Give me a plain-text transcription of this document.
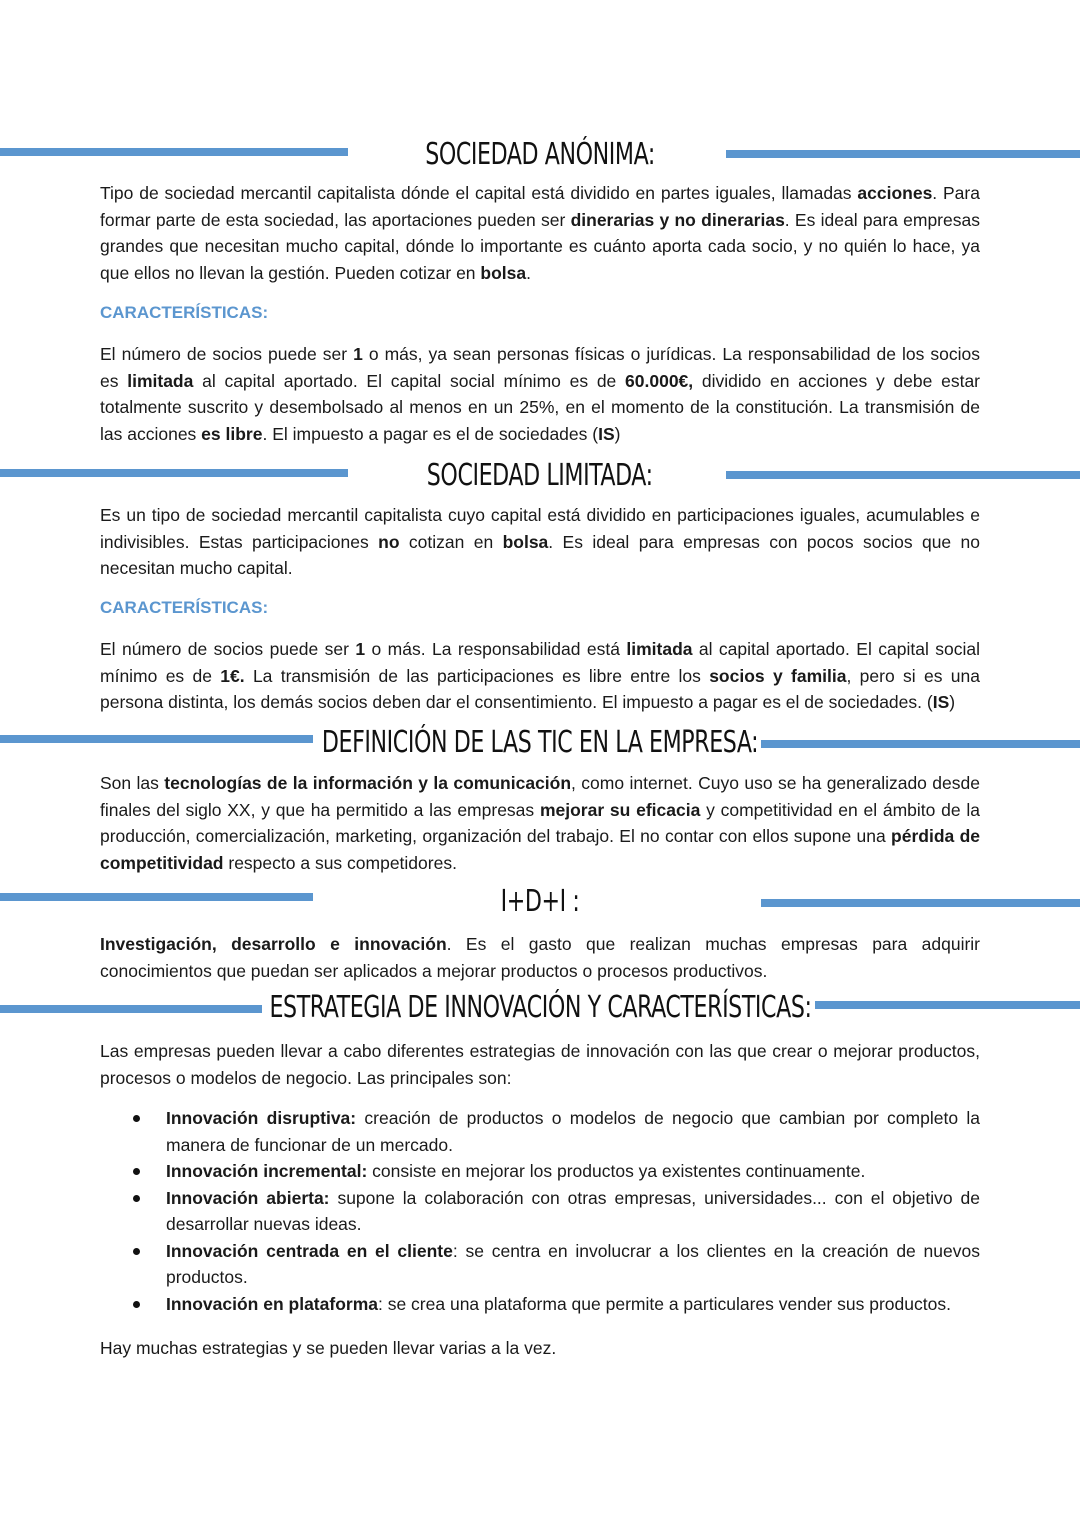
SOCIEDAD ANÓNIMA:

Tipo de sociedad mercantil capitalista dónde el capital está dividido en partes iguales, llamadas acciones. Para formar parte de esta sociedad, las aportaciones pueden ser dinerarias y no dinerarias. Es ideal para empresas grandes que necesitan mucho capital, dónde lo importante es cuánto aporta cada socio, y no quién lo hace, ya que ellos no llevan la gestión. Pueden cotizar en bolsa.

CARACTERÍSTICAS:

El número de socios puede ser 1 o más, ya sean personas físicas o jurídicas. La responsabilidad de los socios es limitada al capital aportado. El capital social mínimo es de 60.000€, dividido en acciones y debe estar totalmente suscrito y desembolsado al menos en un 25%, en el momento de la constitución. La transmisión de las acciones es libre. El impuesto a pagar es el de sociedades (IS)

SOCIEDAD LIMITADA:

Es un tipo de sociedad mercantil capitalista cuyo capital está dividido en participaciones iguales, acumulables e indivisibles. Estas participaciones no cotizan en bolsa. Es ideal para empresas con pocos socios que no necesitan mucho capital.

CARACTERÍSTICAS:

El número de socios puede ser 1 o más. La responsabilidad está limitada al capital aportado. El capital social mínimo es de 1€. La transmisión de las participaciones es libre entre los socios y familia, pero si es una persona distinta, los demás socios deben dar el consentimiento. El impuesto a pagar es el de sociedades. (IS)

DEFINICIÓN DE LAS TIC EN LA EMPRESA:

Son las tecnologías de la información y la comunicación, como internet. Cuyo uso se ha generalizado desde finales del siglo XX, y que ha permitido a las empresas mejorar su eficacia y competitividad en el ámbito de la producción, comercialización, marketing, organización del trabajo. El no contar con ellos supone una pérdida de competitividad respecto a sus competidores.

I+D+I :

Investigación, desarrollo e innovación. Es el gasto que realizan muchas empresas para adquirir conocimientos que puedan ser aplicados a mejorar productos o procesos productivos.

ESTRATEGIA DE INNOVACIÓN Y CARACTERÍSTICAS:

Las empresas pueden llevar a cabo diferentes estrategias de innovación con las que crear o mejorar productos, procesos o modelos de negocio. Las principales son:

Innovación disruptiva: creación de productos o modelos de negocio que cambian por completo la manera de funcionar de un mercado.
Innovación incremental: consiste en mejorar los productos ya existentes continuamente.
Innovación abierta: supone la colaboración con otras empresas, universidades... con el objetivo de desarrollar nuevas ideas.
Innovación centrada en el cliente: se centra en involucrar a los clientes en la creación de nuevos productos.
Innovación en plataforma: se crea una plataforma que permite a particulares vender sus productos.

Hay muchas estrategias y se pueden llevar varias a la vez.
